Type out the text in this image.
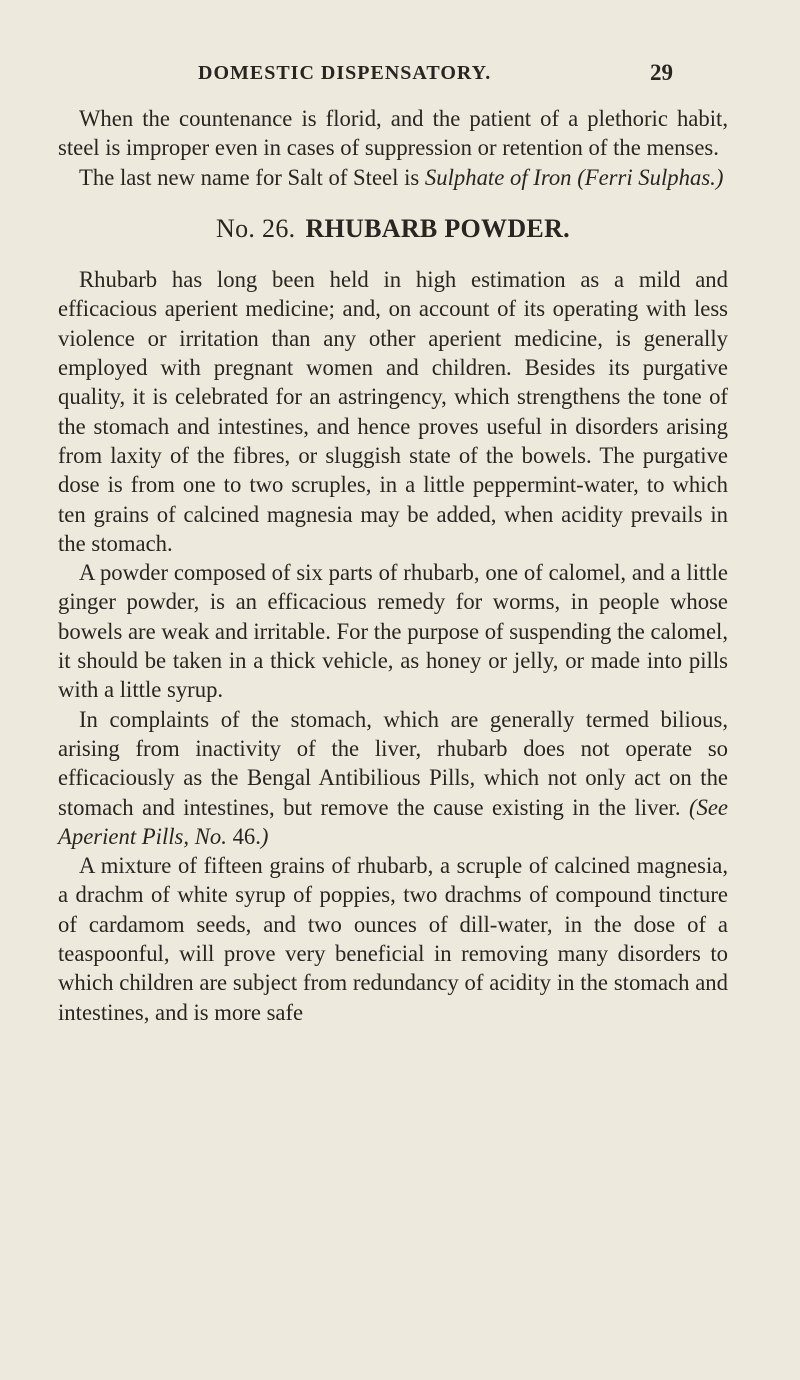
DOMESTIC DISPENSATORY.	29

When the countenance is florid, and the patient of a plethoric habit, steel is improper even in cases of suppression or retention of the menses.

The last new name for Salt of Steel is Sulphate of Iron (Ferri Sulphas.)

No. 26. RHUBARB POWDER.

Rhubarb has long been held in high estimation as a mild and efficacious aperient medicine; and, on account of its operating with less violence or irritation than any other aperient medicine, is generally employed with pregnant women and children. Besides its purgative quality, it is celebrated for an astringency, which strengthens the tone of the stomach and intestines, and hence proves useful in disorders arising from laxity of the fibres, or sluggish state of the bowels. The purgative dose is from one to two scruples, in a little peppermint-water, to which ten grains of calcined magnesia may be added, when acidity prevails in the stomach.

A powder composed of six parts of rhubarb, one of calomel, and a little ginger powder, is an efficacious remedy for worms, in people whose bowels are weak and irritable. For the purpose of suspending the calomel, it should be taken in a thick vehicle, as honey or jelly, or made into pills with a little syrup.

In complaints of the stomach, which are generally termed bilious, arising from inactivity of the liver, rhubarb does not operate so efficaciously as the Bengal Antibilious Pills, which not only act on the stomach and intestines, but remove the cause existing in the liver. (See Aperient Pills, No. 46.)

A mixture of fifteen grains of rhubarb, a scruple of calcined magnesia, a drachm of white syrup of poppies, two drachms of compound tincture of cardamom seeds, and two ounces of dill-water, in the dose of a teaspoonful, will prove very beneficial in removing many disorders to which children are subject from redundancy of acidity in the stomach and intestines, and is more safe
